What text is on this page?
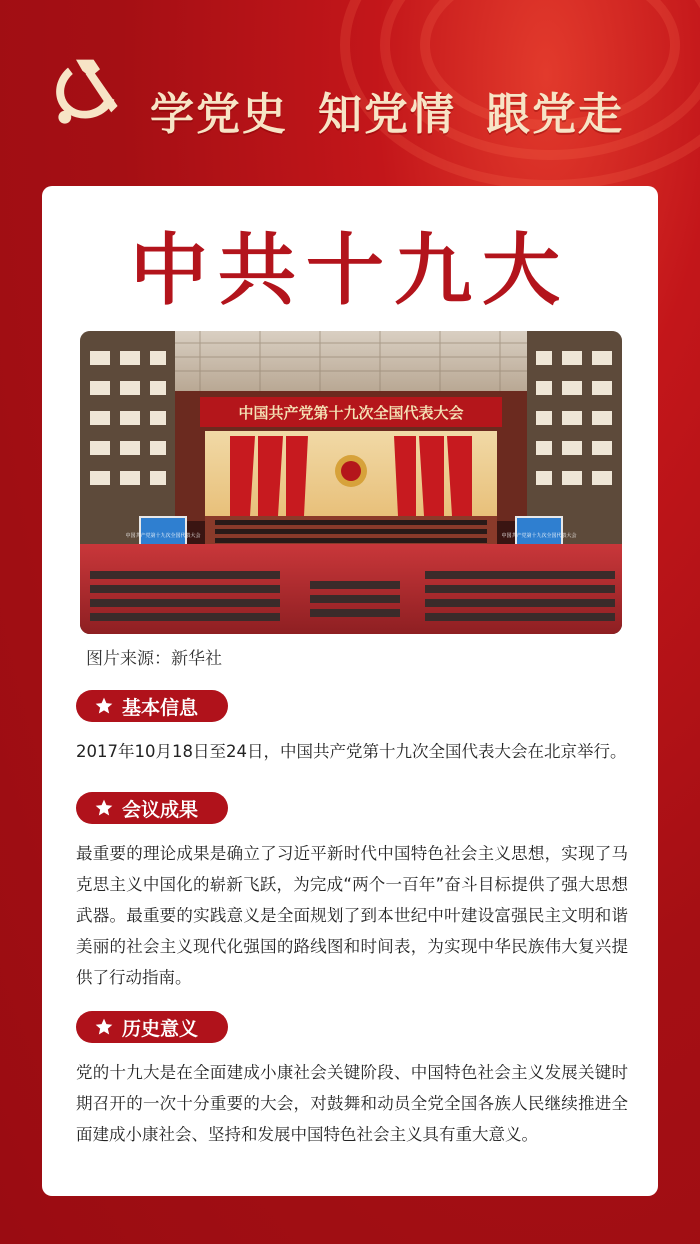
学党史 知党情 跟党走
中共十九大
中国共产党第十九次全国代表大会
中国共产党第十九次全国代表大会	中国共产党第十九次全国代表大会
图片来源：新华社
基本信息
2017年10月18日至24日，中国共产党第十九次全国代表大会在北京举行。
会议成果
最重要的理论成果是确立了习近平新时代中国特色社会主义思想，实现了马克思主义中国化的崭新飞跃，为完成“两个一百年”奋斗目标提供了强大思想武器。最重要的实践意义是全面规划了到本世纪中叶建设富强民主文明和谐美丽的社会主义现代化强国的路线图和时间表，为实现中华民族伟大复兴提供了行动指南。
历史意义
党的十九大是在全面建成小康社会关键阶段、中国特色社会主义发展关键时期召开的一次十分重要的大会，对鼓舞和动员全党全国各族人民继续推进全面建成小康社会、坚持和发展中国特色社会主义具有重大意义。
